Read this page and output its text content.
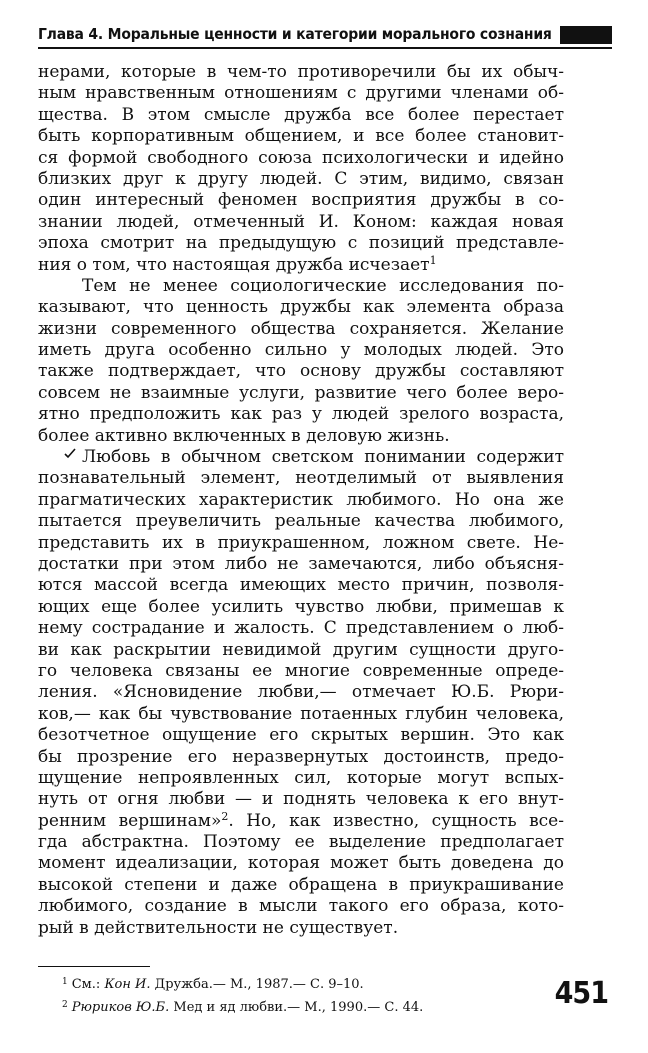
Глава 4. Моральные ценности и категории морального сознания
нерами, которые в чем-то противоречили бы их обыч-
ным нравственным отношениям с другими членами об-
щества. В этом смысле дружба все более перестает
быть корпоративным общением, и все более становит-
ся формой свободного союза психологически и идейно
близких друг к другу людей. С этим, видимо, связан
один интересный феномен восприятия дружбы в со-
знании людей, отмеченный И. Коном: каждая новая
эпоха смотрит на предыдущую с позиций представле-
ния о том, что настоящая дружба исчезает$^1$
Тем не менее социологические исследования по-
казывают, что ценность дружбы как элемента образа
жизни современного общества сохраняется. Желание
иметь друга особенно сильно у молодых людей. Это
также подтверждает, что основу дружбы составляют
совсем не взаимные услуги, развитие чего более веро-
ятно предположить как раз у людей зрелого возраста,
более активно включенных в деловую жизнь.
Любовь в обычном светском понимании содержит
познавательный элемент, неотделимый от выявления
прагматических характеристик любимого. Но она же
пытается преувеличить реальные качества любимого,
представить их в приукрашенном, ложном свете. Не-
достатки при этом либо не замечаются, либо объясня-
ются массой всегда имеющих место причин, позволя-
ющих еще более усилить чувство любви, примешав к
нему сострадание и жалость. С представлением о люб-
ви как раскрытии невидимой другим сущности друго-
го человека связаны ее многие современные опреде-
ления. «Ясновидение любви,— отмечает Ю.Б. Рюри-
ков,— как бы чувствование потаенных глубин человека,
безотчетное ощущение его скрытых вершин. Это как
бы прозрение его неразвернутых достоинств, предо-
щущение непроявленных сил, которые могут вспых-
нуть от огня любви — и поднять человека к его внут-
ренним вершинам»$^2$. Но, как известно, сущность все-
гда абстрактна. Поэтому ее выделение предполагает
момент идеализации, которая может быть доведена до
высокой степени и даже обращена в приукрашивание
любимого, создание в мысли такого его образа, кото-
рый в действительности не существует.
$^1$ См.: Кон И. Дружба.— М., 1987.— С. 9–10.
$^2$ Рюриков Ю.Б. Мед и яд любви.— М., 1990.— С. 44.	451
